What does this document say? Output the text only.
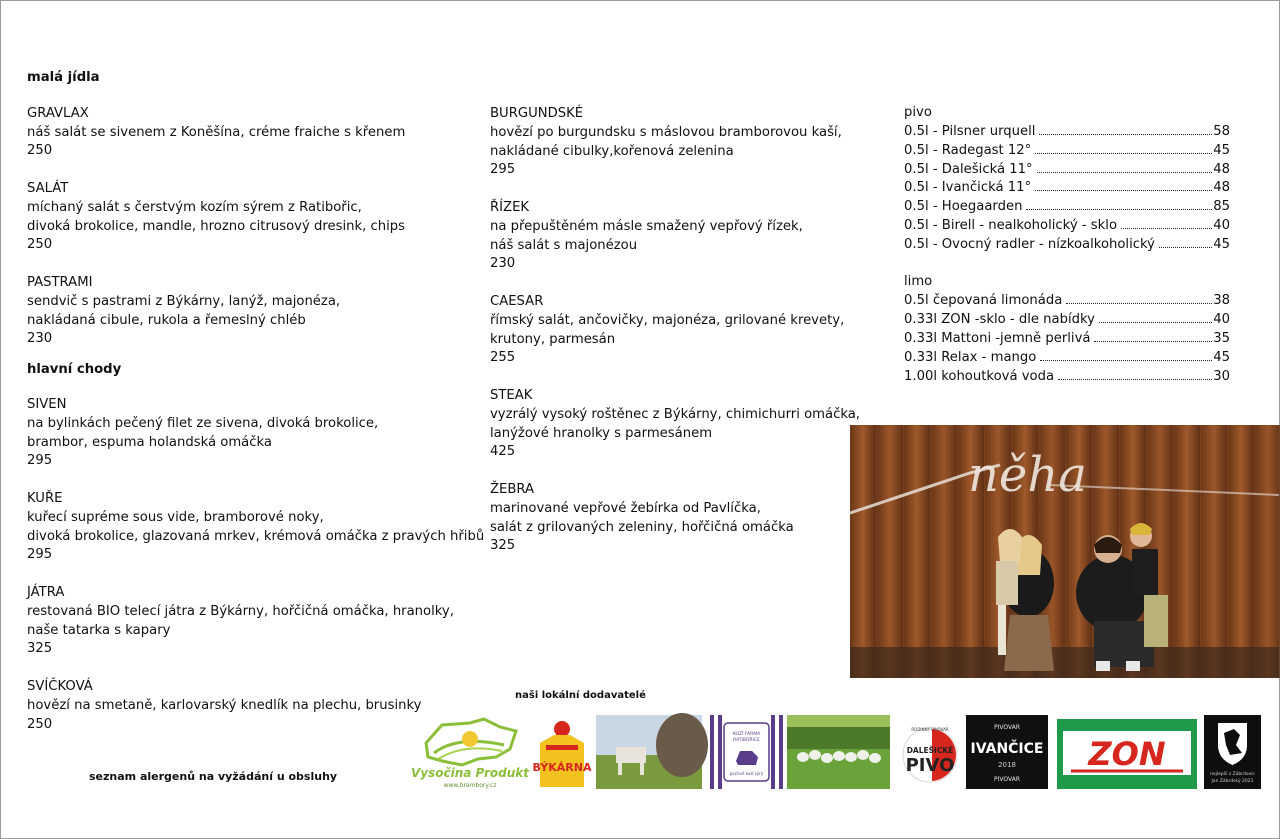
malá jídla
GRAVLAX
náš salát se sivenem z Koněšína, créme fraiche s křenem
250
SALÁT
míchaný salát s čerstvým kozím sýrem z Ratibořic,
divoká brokolice, mandle, hrozno citrusový dresink, chips
250
PASTRAMI
sendvič s pastrami z Býkárny, lanýž, majonéza,
nakládaná cibule, rukola a řemeslný chléb
230
hlavní chody
SIVEN
na bylinkách pečený filet ze sivena, divoká brokolice,
brambor, espuma holandská omáčka
295
KUŘE
kuřecí supréme sous vide, bramborové noky,
divoká brokolice, glazovaná mrkev, krémová omáčka z pravých hřibů
295
JÁTRA
restovaná BIO telecí játra z Býkárny, hořčičná omáčka, hranolky,
naše tatarka s kapary
325
SVÍČKOVÁ
hovězí na smetaně, karlovarský knedlík na plechu, brusinky
250
BURGUNDSKÉ
hovězí po burgundsku s máslovou bramborovou kaší,
nakládané cibulky,kořenová zelenina
295
ŘÍZEK
na přepuštěném másle smažený vepřový řízek,
náš salát s majonézou
230
CAESAR
římský salát, ančovičky, majonéza, grilované krevety,
krutony, parmesán
255
STEAK
vyzrálý vysoký roštěnec z Býkárny, chimichurri omáčka,
lanýžové hranolky s parmesánem
425
ŽEBRA
marinované vepřové žebírka od Pavlíčka,
salát z grilovaných zeleniny, hořčičná omáčka
325
pivo
0.5l - Pilsner urquell	58
0.5l - Radegast 12°	45
0.5l - Dalešická 11°	48
0.5l - Ivančická 11°	48
0.5l - Hoegaarden	85
0.5l - Birell - nealkoholický - sklo	40
0.5l - Ovocný radler - nízkoalkoholický	45
limo
0.5l čepovaná limonáda	38
0.33l ZON -sklo - dle nabídky	40
0.33l Mattoni -jemně perlivá	35
0.33l Relax - mango	45
1.00l kohoutková voda	30
něha
naši lokální dodavatelé
Vysočina Produkt
www.brambory.cz
BÝKÁRNA
KOZÍ FARMA
RATIBOŘICE
poctivé kozí sýry
RODINNÝ PIVOVAR
DALEŠICKÉ
PIVO
PIVOVAR
IVANČICE
2018
PIVOVAR
ZON
nejlepší z Zábrdovic
Jan Zábrdský 2021
seznam alergenů na vyžádání u obsluhy
